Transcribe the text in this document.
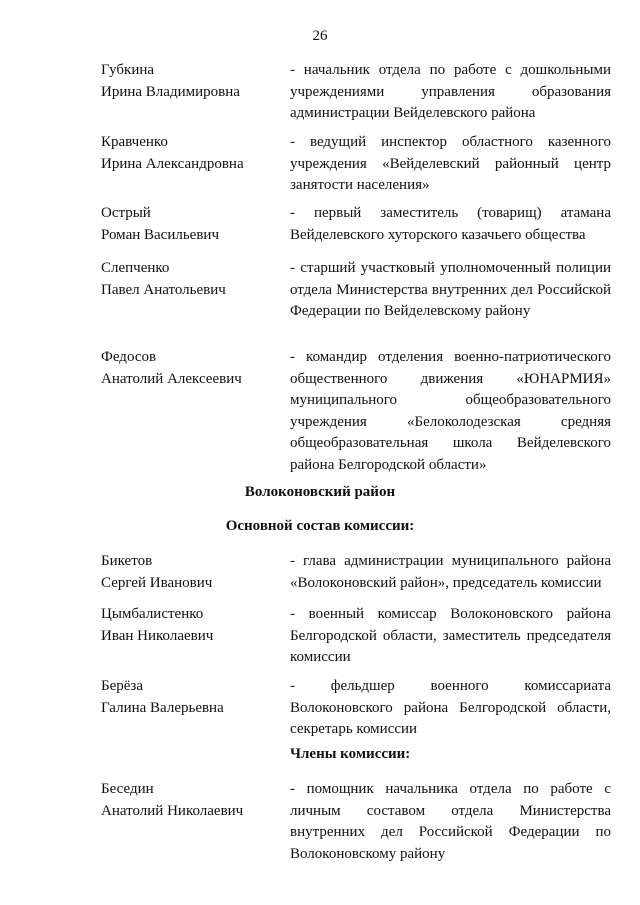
26
Губкина
Ирина Владимировна
- начальник отдела по работе с дошкольными учреждениями управления образования администрации Вейделевского района
Кравченко
Ирина Александровна
- ведущий инспектор областного казенного учреждения «Вейделевский районный центр занятости населения»
Острый
Роман Васильевич
- первый заместитель (товарищ) атамана Вейделевского хуторского казачьего общества
Слепченко
Павел Анатольевич
- старший участковый уполномоченный полиции отдела Министерства внутренних дел Российской Федерации по Вейделевскому району
Федосов
Анатолий Алексеевич
- командир отделения военно-патриотического общественного движения «ЮНАРМИЯ» муниципального общеобразовательного учреждения «Белоколодезская средняя общеобразовательная школа Вейделевского района Белгородской области»
Волоконовский район
Основной состав комиссии:
Бикетов
Сергей Иванович
- глава администрации муниципального района «Волоконовский район», председатель комиссии
Цымбалистенко
Иван Николаевич
- военный комиссар Волоконовского района Белгородской области, заместитель председателя комиссии
Берёза
Галина Валерьевна
- фельдшер военного комиссариата Волоконовского района Белгородской области, секретарь комиссии
Члены комиссии:
Беседин
Анатолий Николаевич
- помощник начальника отдела по работе с личным составом отдела Министерства внутренних дел Российской Федерации по Волоконовскому району
